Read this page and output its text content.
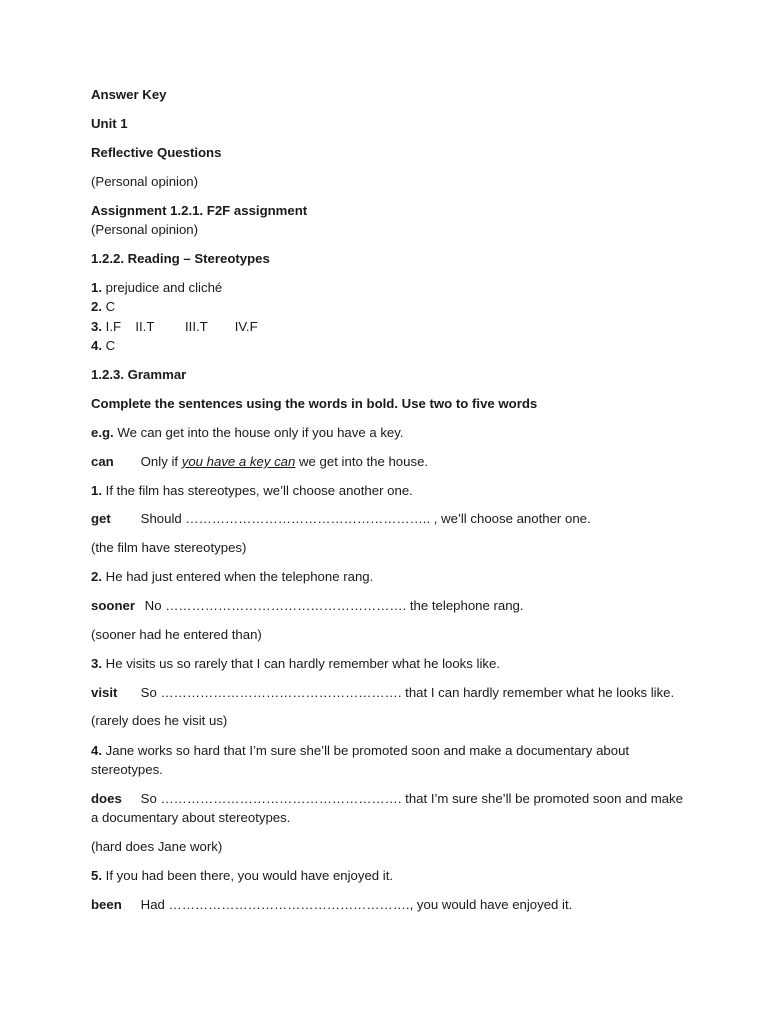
Answer Key
Unit 1
Reflective Questions
(Personal opinion)
Assignment 1.2.1. F2F assignment
(Personal opinion)
1.2.2. Reading – Stereotypes
1. prejudice and cliché
2. C
3. I.F II.T III.T IV.F
4. C
1.2.3. Grammar
Complete the sentences using the words in bold. Use two to five words
e.g. We can get into the house only if you have a key.
can Only if you have a key can we get into the house.
1. If the film has stereotypes, we’ll choose another one.
get Should ……………………………………………….. , we’ll choose another one.
(the film have stereotypes)
2. He had just entered when the telephone rang.
sooner No ………………………………………………. the telephone rang.
(sooner had he entered than)
3. He visits us so rarely that I can hardly remember what he looks like.
visit So ………………………………………………. that I can hardly remember what he looks like.
(rarely does he visit us)
4. Jane works so hard that I’m sure she’ll be promoted soon and make a documentary about stereotypes.
does So ………………………………………………. that I’m sure she’ll be promoted soon and make a documentary about stereotypes.
(hard does Jane work)
5. If you had been there, you would have enjoyed it.
been Had ………………………………………………., you would have enjoyed it.
